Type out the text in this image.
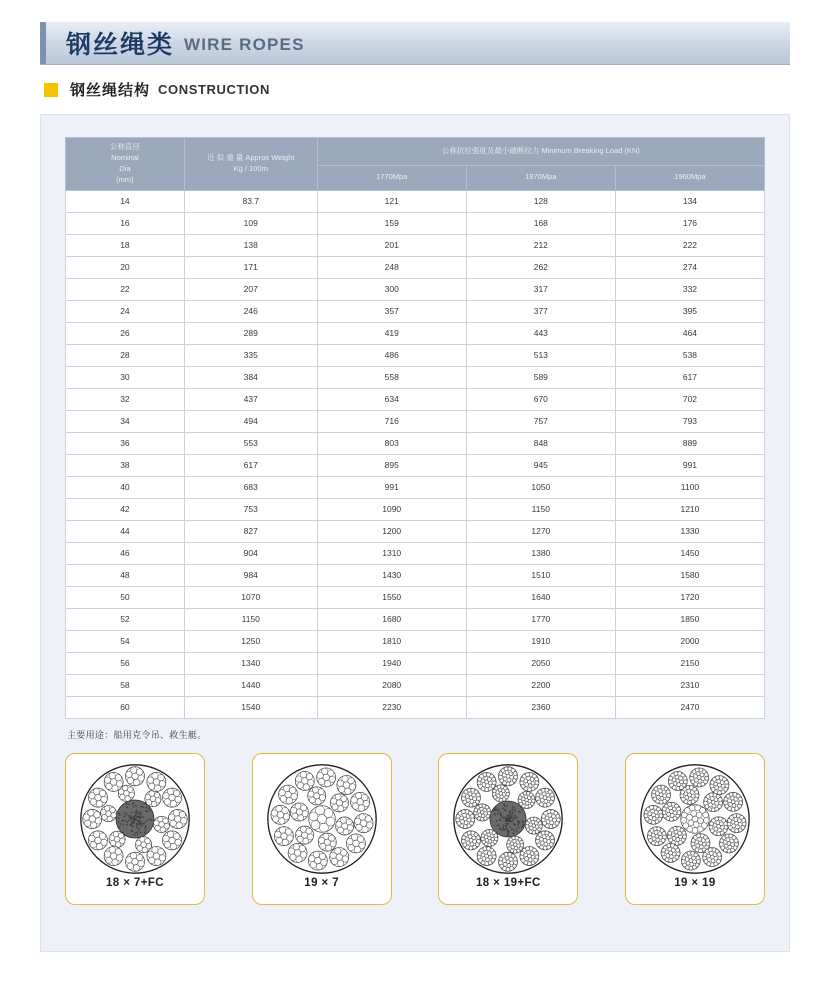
钢丝绳类 WIRE ROPES
钢丝绳结构 CONSTRUCTION
公称直径
Nominal
Dia
(mm)

近 似 重 量 Approx Weight
Kg / 100m
	公称抗拉强度及最小破断拉力 Minimum Breaking Load (KN)
		1770Mpa	1870Mpa	1960Mpa
14	83.7	121	128	134
16	109	159	168	176
18	138	201	212	222
20	171	248	262	274
22	207	300	317	332
24	246	357	377	395
26	289	419	443	464
28	335	486	513	538
30	384	558	589	617
32	437	634	670	702
34	494	716	757	793
36	553	803	848	889
38	617	895	945	991
40	683	991	1050	1100
42	753	1090	1150	1210
44	827	1200	1270	1330
46	904	1310	1380	1450
48	984	1430	1510	1580
50	1070	1550	1640	1720
52	1150	1680	1770	1850
54	1250	1810	1910	2000
56	1340	1940	2050	2150
58	1440	2080	2200	2310
60	1540	2230	2360	2470
主要用途：船用克令吊、救生艇。
18 × 7+FC	19 × 7	18 × 19+FC	19 × 19
